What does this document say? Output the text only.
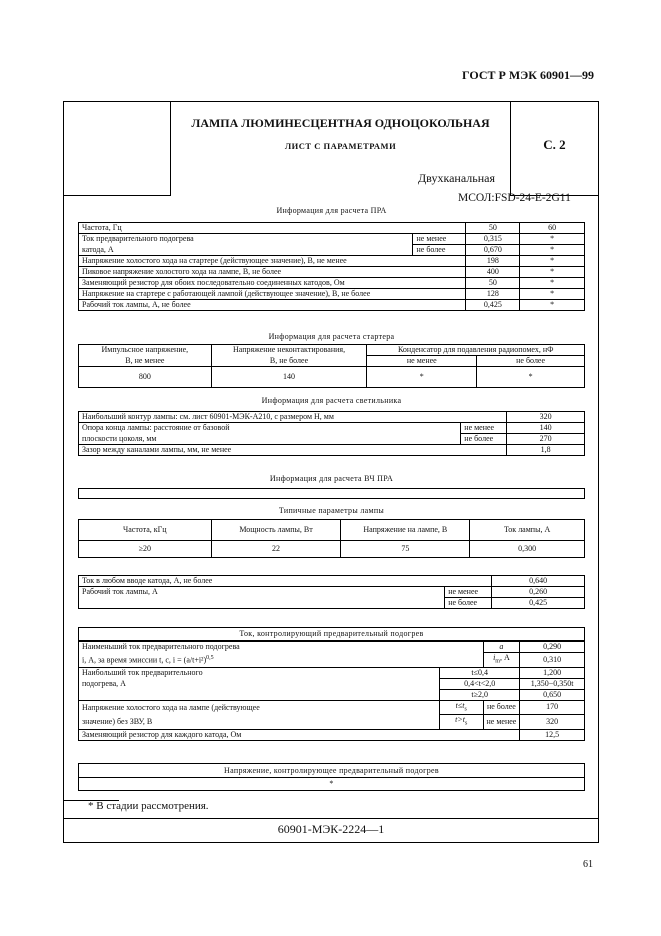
ГОСТ Р МЭК 60901—99
ЛАМПА ЛЮМИНЕСЦЕНТНАЯ ОДНОЦОКОЛЬНАЯ
ЛИСТ С ПАРАМЕТРАМИ	С. 2
Двухканальная
МСОЛ:FSD-24-E-2G11
Информация для расчета ПРА
Частота, Гц		50	60
Ток предварительного подогрева	не менее	0,315	*
катода, А	не более	0,670	*
Напряжение холостого хода на стартере (действующее значение), В, не менее		198	*
Пиковое напряжение холостого хода на лампе, В, не более		400	*
Заменяющий резистор для обоих последовательно соединенных катодов, Ом		50	*
Напряжение на стартере с работающей лампой (действующее значение), В, не более		128	*
Рабочий ток лампы, А, не более		0,425	*
Информация для расчета стартера
Импульсное напряжение,	Напряжение неконтактирования,	Конденсатор для подавления радиопомех, нФ	
В, не менее	В, не более	не менее	не более
800	140	*	*
Информация для расчета светильника
Наибольший контур лампы: см. лист 60901-МЭК-А210, с размером H, мм		320
Опора конца лампы: расстояние от базовой	не менее	140
плоскости цоколя, мм	не более	270
Зазор между каналами лампы, мм, не менее		1,8
Информация для расчета ВЧ ПРА
Типичные параметры лампы
Частота, кГц	Мощность лампы, Вт	Напряжение на лампе, В	Ток лампы, А
≥20	22	75	0,300
Ток в любом вводе катода, А, не более		0,640
Рабочий ток лампы, А	не менее	0,260
	не более	0,425
Ток, контролирующий предварительный подогрев
Наименьший ток предварительного подогрева		a	0,290
i, А, за время эмиссии t, с, $i = (a/t+i^2)^{0,5}$		$i_m$, А	0,310
Наибольший ток предварительного	t≤0,4		1,200
подогрева, А	0,4<t<2,0		1,350−0,350t
	t≥2,0		0,650
Напряжение холостого хода на лампе (действующее	$t\le t_s$	не более	170
значение) без ЗВУ, В	$t>t_s$	не менее	320
Заменяющий резистор для каждого катода, Ом			12,5
Напряжение, контролирующее предварительный подогрев
*
* В стадии рассмотрения.
60901-МЭК-2224—1
61
